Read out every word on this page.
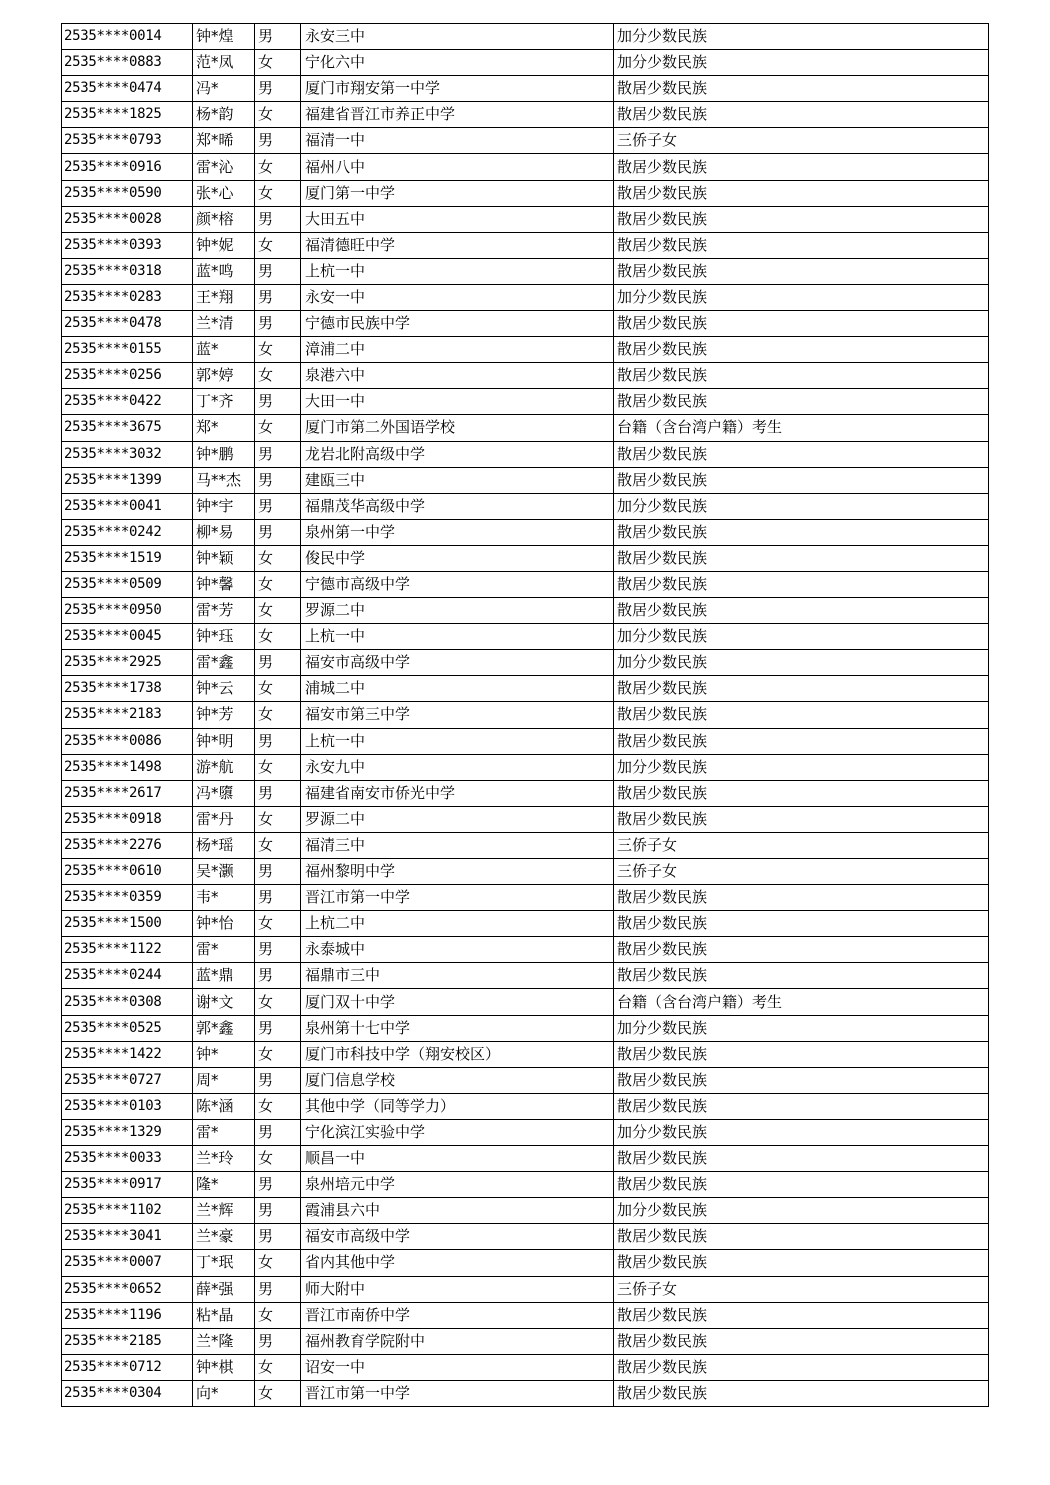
2535****0014	钟*煌	男	永安三中	加分少数民族
2535****0883	范*凤	女	宁化六中	加分少数民族
2535****0474	冯*	男	厦门市翔安第一中学	散居少数民族
2535****1825	杨*韵	女	福建省晋江市养正中学	散居少数民族
2535****0793	郑*晞	男	福清一中	三侨子女
2535****0916	雷*沁	女	福州八中	散居少数民族
2535****0590	张*心	女	厦门第一中学	散居少数民族
2535****0028	颜*榕	男	大田五中	散居少数民族
2535****0393	钟*妮	女	福清德旺中学	散居少数民族
2535****0318	蓝*鸣	男	上杭一中	散居少数民族
2535****0283	王*翔	男	永安一中	加分少数民族
2535****0478	兰*清	男	宁德市民族中学	散居少数民族
2535****0155	蓝*	女	漳浦二中	散居少数民族
2535****0256	郭*婷	女	泉港六中	散居少数民族
2535****0422	丁*齐	男	大田一中	散居少数民族
2535****3675	郑*	女	厦门市第二外国语学校	台籍（含台湾户籍）考生
2535****3032	钟*鹏	男	龙岩北附高级中学	散居少数民族
2535****1399	马**杰	男	建瓯三中	散居少数民族
2535****0041	钟*宇	男	福鼎茂华高级中学	加分少数民族
2535****0242	柳*易	男	泉州第一中学	散居少数民族
2535****1519	钟*颖	女	俊民中学	散居少数民族
2535****0509	钟*馨	女	宁德市高级中学	散居少数民族
2535****0950	雷*芳	女	罗源二中	散居少数民族
2535****0045	钟*珏	女	上杭一中	加分少数民族
2535****2925	雷*鑫	男	福安市高级中学	加分少数民族
2535****1738	钟*云	女	浦城二中	散居少数民族
2535****2183	钟*芳	女	福安市第三中学	散居少数民族
2535****0086	钟*明	男	上杭一中	散居少数民族
2535****1498	游*航	女	永安九中	加分少数民族
2535****2617	冯*隳	男	福建省南安市侨光中学	散居少数民族
2535****0918	雷*丹	女	罗源二中	散居少数民族
2535****2276	杨*瑶	女	福清三中	三侨子女
2535****0610	吴*灏	男	福州黎明中学	三侨子女
2535****0359	韦*	男	晋江市第一中学	散居少数民族
2535****1500	钟*怡	女	上杭二中	散居少数民族
2535****1122	雷*	男	永泰城中	散居少数民族
2535****0244	蓝*鼎	男	福鼎市三中	散居少数民族
2535****0308	谢*文	女	厦门双十中学	台籍（含台湾户籍）考生
2535****0525	郭*鑫	男	泉州第十七中学	加分少数民族
2535****1422	钟*	女	厦门市科技中学（翔安校区）	散居少数民族
2535****0727	周*	男	厦门信息学校	散居少数民族
2535****0103	陈*涵	女	其他中学（同等学力）	散居少数民族
2535****1329	雷*	男	宁化滨江实验中学	加分少数民族
2535****0033	兰*玲	女	顺昌一中	散居少数民族
2535****0917	隆*	男	泉州培元中学	散居少数民族
2535****1102	兰*辉	男	霞浦县六中	加分少数民族
2535****3041	兰*豪	男	福安市高级中学	散居少数民族
2535****0007	丁*珉	女	省内其他中学	散居少数民族
2535****0652	薛*强	男	师大附中	三侨子女
2535****1196	粘*晶	女	晋江市南侨中学	散居少数民族
2535****2185	兰*隆	男	福州教育学院附中	散居少数民族
2535****0712	钟*棋	女	诏安一中	散居少数民族
2535****0304	向*	女	晋江市第一中学	散居少数民族
